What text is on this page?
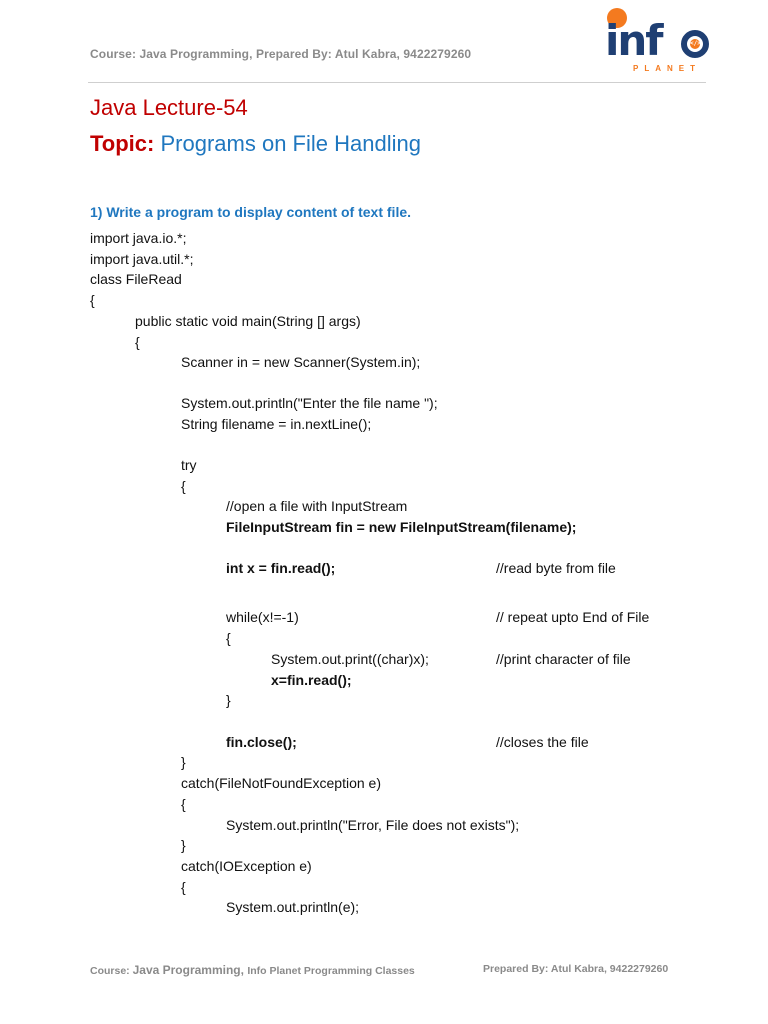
Course: Java Programming, Prepared By: Atul Kabra, 9422279260	inf
PLANET
</>
Java Lecture-54
Topic: Programs on File Handling
1) Write a program to display content of text file.
import java.io.*;
import java.util.*;
class FileRead
{
public static void main(String [] args)
{
Scanner in = new Scanner(System.in);
System.out.println("Enter the file name ");
String filename = in.nextLine();
try
{
//open a file with InputStream
FileInputStream fin = new FileInputStream(filename);
int x = fin.read();	//read byte from file
while(x!=-1)	// repeat upto End of File
{
System.out.print((char)x);	//print character of file
x=fin.read();
}
fin.close();	//closes the file
}
catch(FileNotFoundException e)
{
System.out.println("Error, File does not exists");
}
catch(IOException e)
{
System.out.println(e);
Course: Java Programming, Info Planet Programming Classes	Prepared By: Atul Kabra, 9422279260
